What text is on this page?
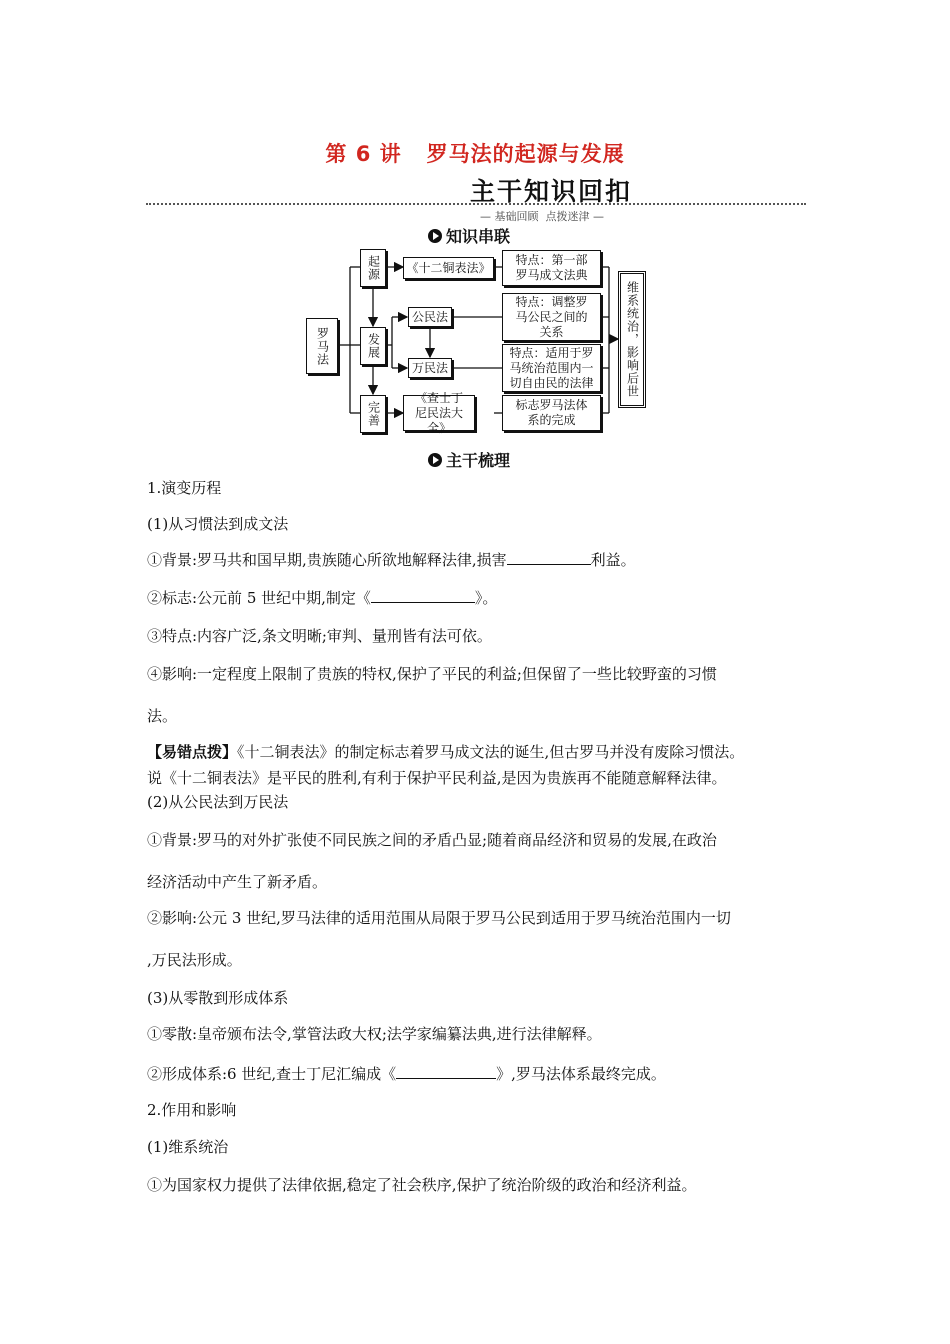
第 6 讲   罗马法的起源与发展
主干知识回扣
— 基础回顾  点拨迷津 —
知识串联
罗马法
起源
发展
完善
《十二铜表法》
公民法
万民法
《查士丁尼民法大全》
特点：第一部罗马成文法典
特点：调整罗马公民之间的关系
特点：适用于罗马统治范围内一切自由民的法律
标志罗马法体系的完成
维系统治，影响后世
主干梳理
1.演变历程
(1)从习惯法到成文法
①背景:罗马共和国早期,贵族随心所欲地解释法律,损害	利益。
②标志:公元前 5 世纪中期,制定《	》。
③特点:内容广泛,条文明晰;审判、量刑皆有法可依。
④影响:一定程度上限制了贵族的特权,保护了平民的利益;但保留了一些比较野蛮的习惯
法。
【易错点拨】《十二铜表法》的制定标志着罗马成文法的诞生,但古罗马并没有废除习惯法。
说《十二铜表法》是平民的胜利,有利于保护平民利益,是因为贵族再不能随意解释法律。
(2)从公民法到万民法
①背景:罗马的对外扩张使不同民族之间的矛盾凸显;随着商品经济和贸易的发展,在政治
经济活动中产生了新矛盾。
②影响:公元 3 世纪,罗马法律的适用范围从局限于罗马公民到适用于罗马统治范围内一切
,万民法形成。
(3)从零散到形成体系
①零散:皇帝颁布法令,掌管法政大权;法学家编纂法典,进行法律解释。
②形成体系:6 世纪,查士丁尼汇编成《	》,罗马法体系最终完成。
2.作用和影响
(1)维系统治
①为国家权力提供了法律依据,稳定了社会秩序,保护了统治阶级的政治和经济利益。
